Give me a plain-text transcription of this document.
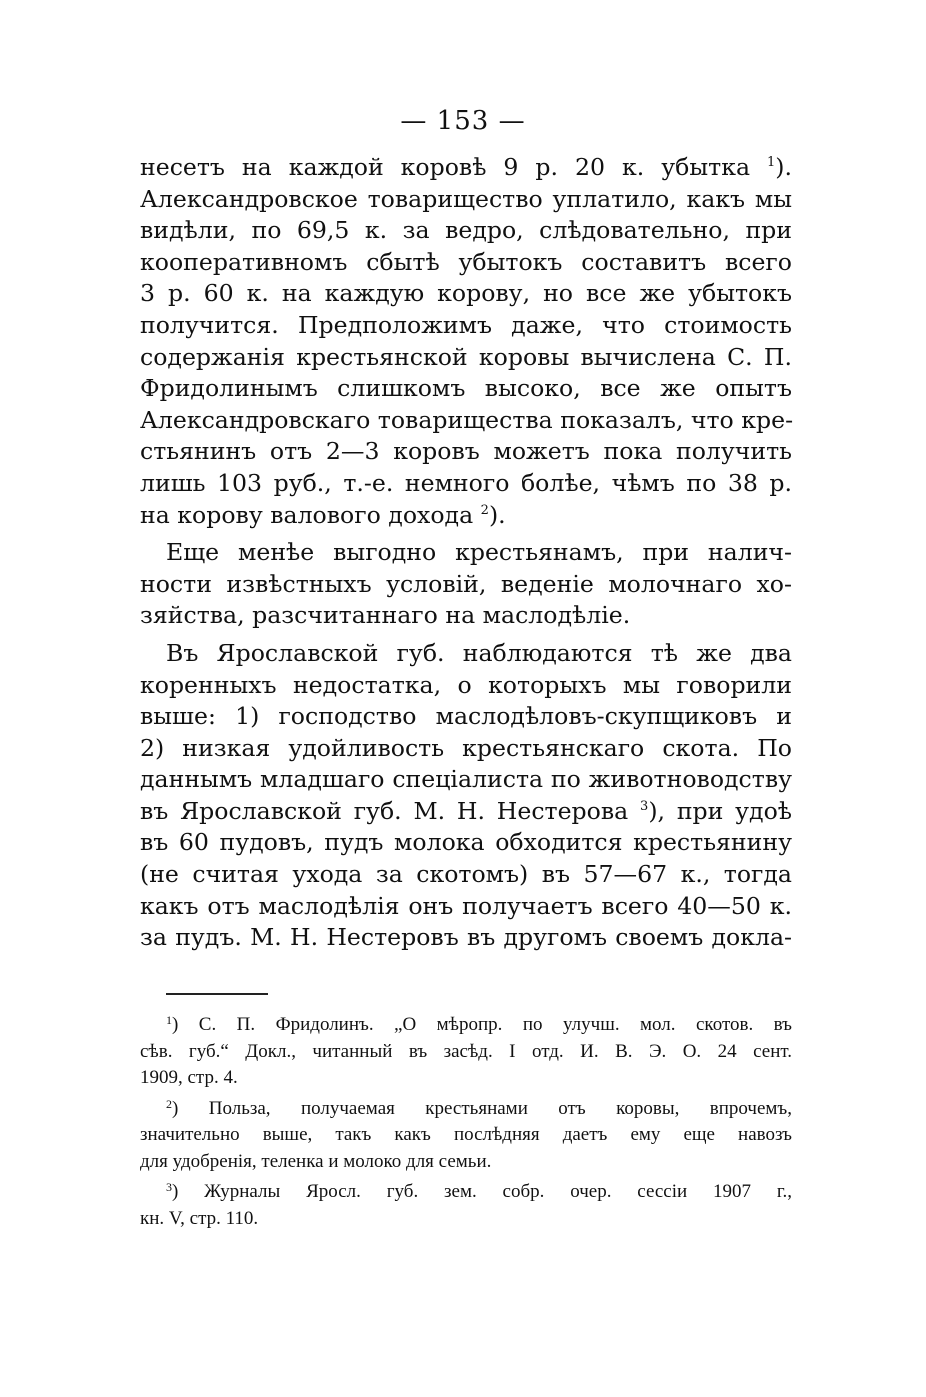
— 153 —
несетъ на каждой коровѣ 9 р. 20 к. убытка $^1$).
Александровское товарищество уплатило, какъ мы
видѣли, по 69,5 к. за ведро, слѣдовательно, при
кооперативномъ сбытѣ убытокъ составитъ всего
3 р. 60 к. на каждую корову, но все же убытокъ
получится. Предположимъ даже, что стоимость
содержанія крестьянской коровы вычислена С. П.
Фридолинымъ слишкомъ высоко, все же опытъ
Александровскаго товарищества показалъ, что кре-
стьянинъ отъ 2—3 коровъ можетъ пока получить
лишь 103 руб., т.-е. немного болѣе, чѣмъ по 38 р.
на корову валового дохода $^2$).
Еще менѣе выгодно крестьянамъ, при налич-
ности извѣстныхъ условій, веденіе молочнаго хо-
зяйства, разсчитаннаго на маслодѣліе.
Въ Ярославской губ. наблюдаются тѣ же два
коренныхъ недостатка, о которыхъ мы говорили
выше: 1) господство маслодѣловъ-скупщиковъ и
2) низкая удойливость крестьянскаго скота. По
даннымъ младшаго спеціалиста по животноводству
въ Ярославской губ. М. Н. Нестерова $^3$), при удоѣ
въ 60 пудовъ, пудъ молока обходится крестьянину
(не считая ухода за скотомъ) въ 57—67 к., тогда
какъ отъ маслодѣлія онъ получаетъ всего 40—50 к.
за пудъ. М. Н. Нестеровъ въ другомъ своемъ докла-
$^1$) С. П. Фридолинъ. „О мѣропр. по улучш. мол. скотов. въ
сѣв. губ.“ Докл., читанный въ засѣд. I отд. И. В. Э. О. 24 сент.
1909, стр. 4.
$^2$) Польза, получаемая крестьянами отъ коровы, впрочемъ,
значительно выше, такъ какъ послѣдняя даетъ ему еще навозъ
для удобренія, теленка и молоко для семьи.
$^3$) Журналы Яросл. губ. зем. собр. очер. сессіи 1907 г.,
кн. V, стр. 110.
